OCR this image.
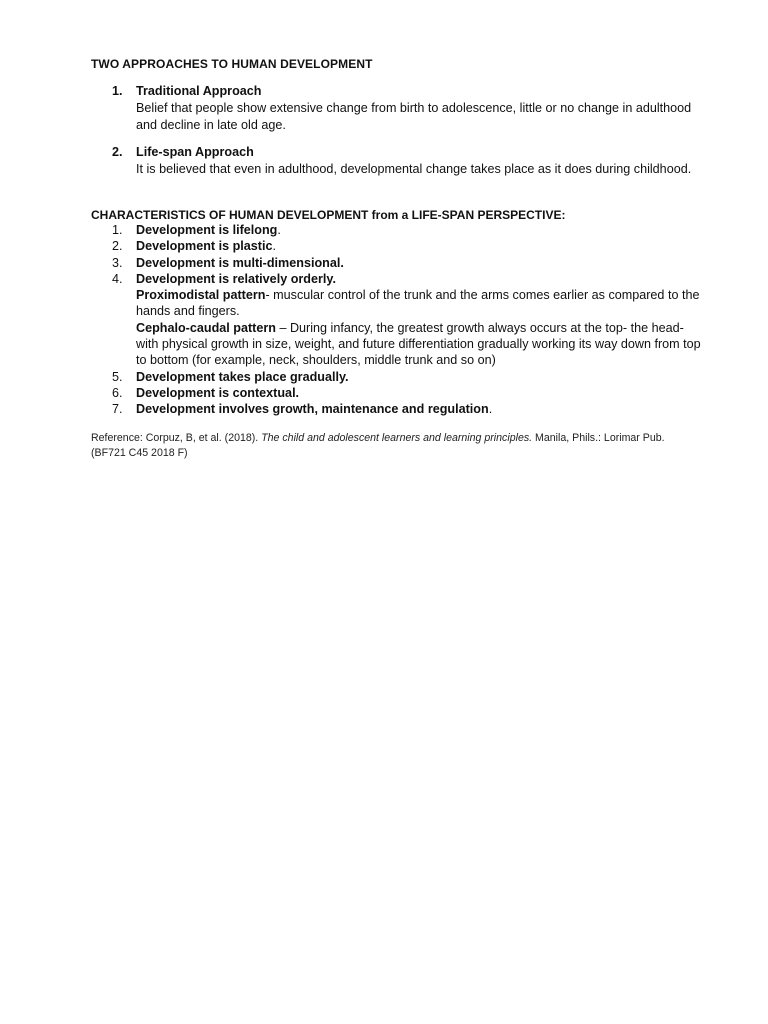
TWO APPROACHES TO HUMAN DEVELOPMENT
1. Traditional Approach
Belief that people show extensive change from birth to adolescence, little or no change in adulthood and decline in late old age.
2. Life-span Approach
It is believed that even in adulthood, developmental change takes place as it does during childhood.
CHARACTERISTICS OF HUMAN DEVELOPMENT from a LIFE-SPAN PERSPECTIVE:
1. Development is lifelong.
2. Development is plastic.
3. Development is multi-dimensional.
4. Development is relatively orderly.
Proximodistal pattern- muscular control of the trunk and the arms comes earlier as compared to the hands and fingers.
Cephalo-caudal pattern – During infancy, the greatest growth always occurs at the top- the head- with physical growth in size, weight, and future differentiation gradually working its way down from top to bottom (for example, neck, shoulders, middle trunk and so on)
5. Development takes place gradually.
6. Development is contextual.
7. Development involves growth, maintenance and regulation.
Reference: Corpuz, B, et al. (2018). The child and adolescent learners and learning principles. Manila, Phils.: Lorimar Pub. (BF721 C45 2018 F)
